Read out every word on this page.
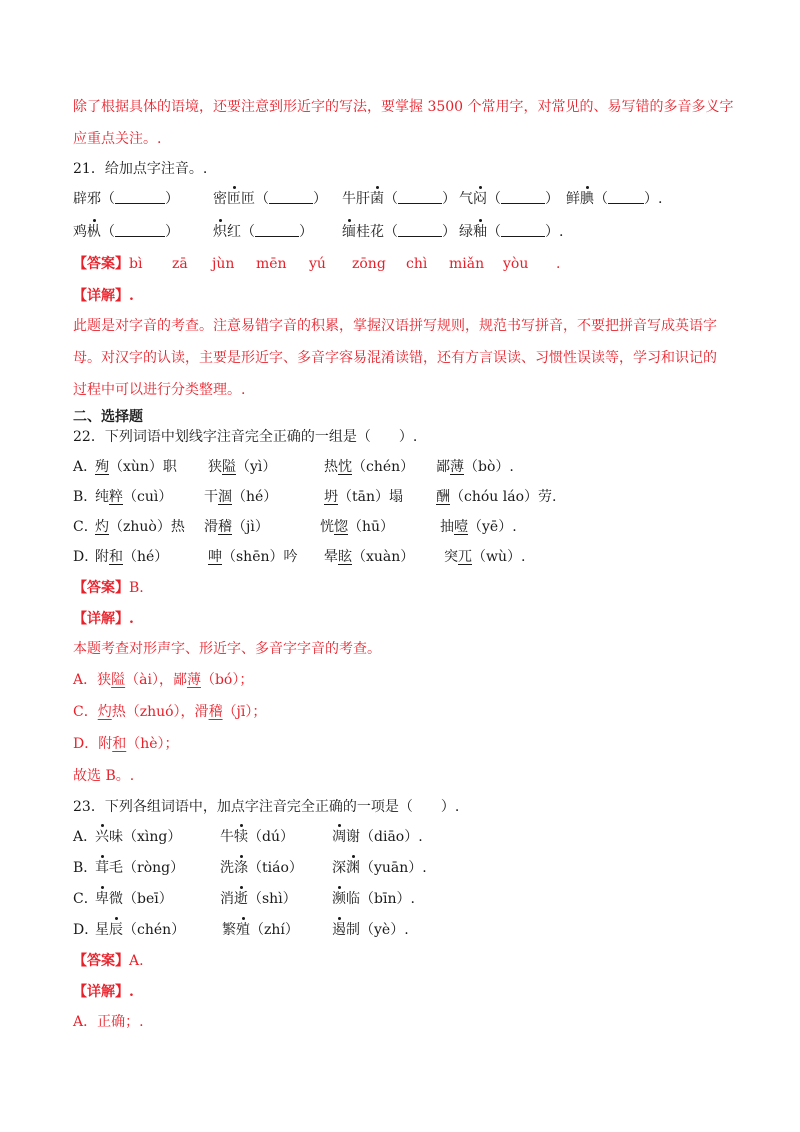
除了根据具体的语境，还要注意到形近字的写法，要掌握 3500 个常用字，对常见的、易写错的多音多义字
应重点关注。.
21．给加点字注音。.
辟邪（	） 密匝匝（	） 牛肝菌（	） 气闷（	） 鲜腆（	）.
鸡枞（	） 炽红（	） 缅桂花（	） 绿釉（	）.
【答案】 bì zā jùn mēn yú zōng chì miǎn yòu .
【详解】.
此题是对字音的考查。注意易错字音的积累，掌握汉语拼写规则，规范书写拼音，不要把拼音写成英语字
母。对汉字的认读，主要是形近字、多音字容易混淆读错，还有方言误读、习惯性误读等，学习和识记的
过程中可以进行分类整理。.
二、选择题
22．下列词语中划线字注音完全正确的一组是（　　）.
A．
殉（xùn）职 狭隘（yì）	热忱（chén） 鄙薄（bò）.
B．
纯粹（cuì） 干涸（hé）	坍（tān）塌 酬（chóu láo）劳.
C．
灼（zhuò）热 滑稽（jì）	恍惚（hū）	抽噎（yē）.
D．
附和（hé）	呻（shēn）吟 晕眩（xuàn） 突兀（wù）.
【答案】B.
【详解】.
本题考查对形声字、形近字、多音字字音的考查。
A．狭隘（ài），鄙薄（bó）；
C．灼热（zhuó），滑稽（jī）；
D．附和（hè）；
故选 B。.
23．下列各组词语中，加点字注音完全正确的一项是（　　）.
A．
兴味（xìng）	牛犊（dú）	凋谢（diāo）.
B．
茸毛（ròng）	洗涤（tiáo） 深渊（yuān）.
C．
卑微（beī）	消逝（shì）	濒临（bīn）.
D．
星辰（chén）	繁殖（zhí） 遏制（yè）.
【答案】A.
【详解】.
A．正确；.
